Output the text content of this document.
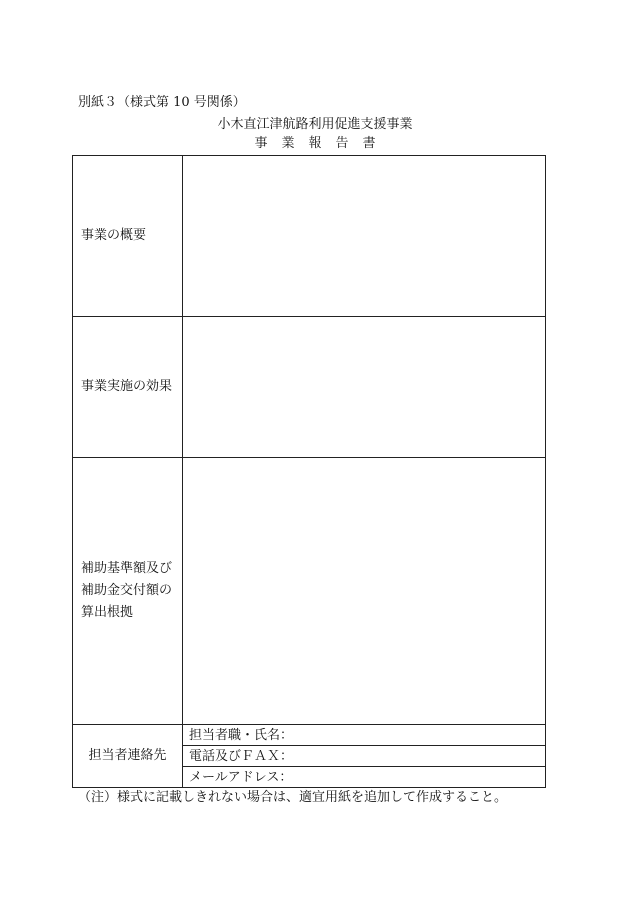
別紙３（様式第 10 号関係）
小木直江津航路利用促進支援事業
事業報告書
事業の概要	
事業実施の効果	

補助基準額及び
補助金交付額の
算出根拠	

担当者連絡先	担当者職・氏名：
	電話及びＦＡＸ：
	メールアドレス：
（注）様式に記載しきれない場合は、適宜用紙を追加して作成すること。
